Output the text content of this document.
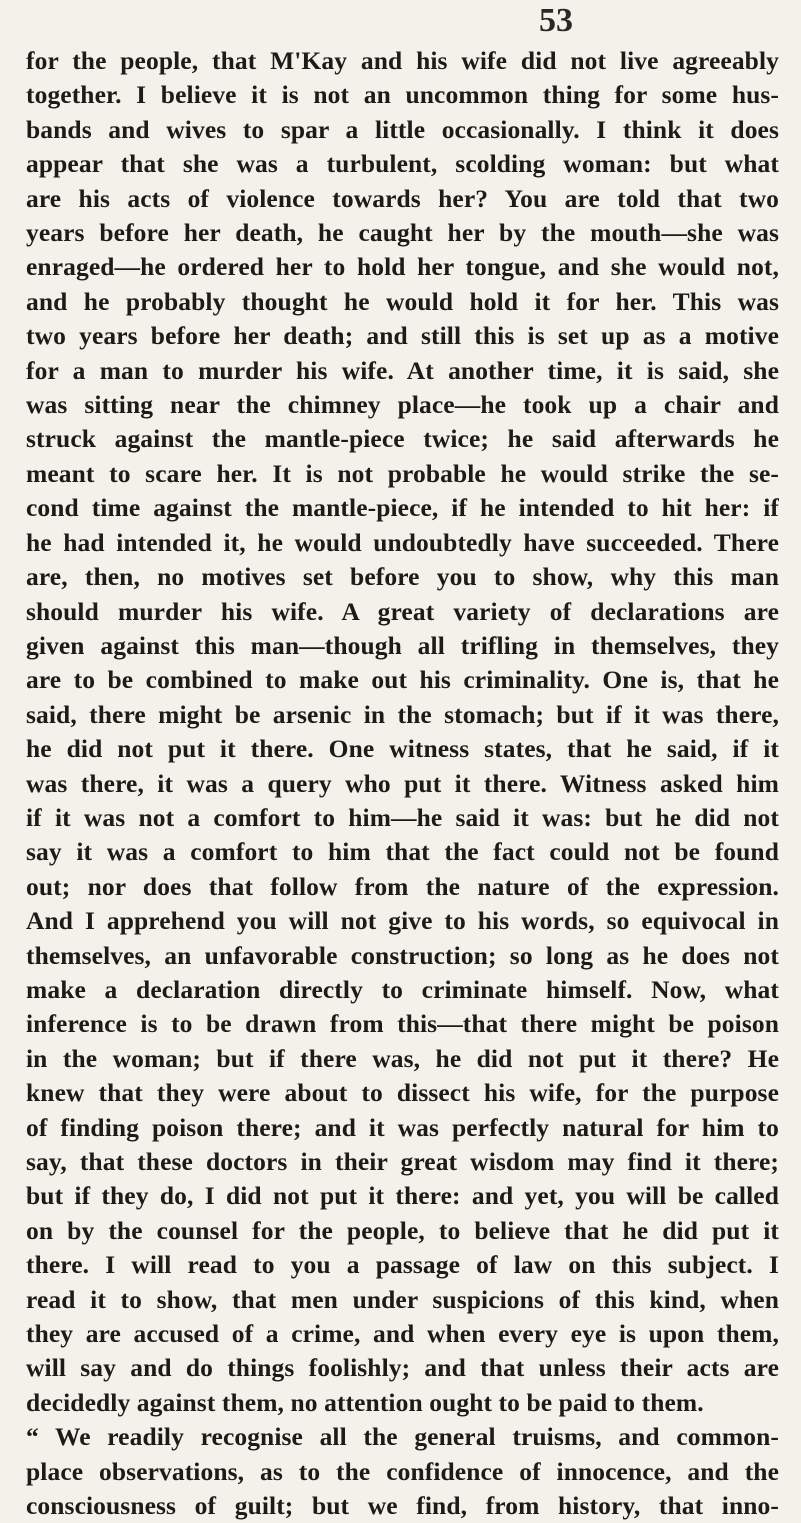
53
for the people, that M'Kay and his wife did not live agreeably
together. I believe it is not an uncommon thing for some hus-
bands and wives to spar a little occasionally. I think it does
appear that she was a turbulent, scolding woman: but what
are his acts of violence towards her? You are told that two
years before her death, he caught her by the mouth—she was
enraged—he ordered her to hold her tongue, and she would not,
and he probably thought he would hold it for her. This was
two years before her death; and still this is set up as a motive
for a man to murder his wife. At another time, it is said, she
was sitting near the chimney place—he took up a chair and
struck against the mantle-piece twice; he said afterwards he
meant to scare her. It is not probable he would strike the se-
cond time against the mantle-piece, if he intended to hit her: if
he had intended it, he would undoubtedly have succeeded. There
are, then, no motives set before you to show, why this man
should murder his wife. A great variety of declarations are
given against this man—though all trifling in themselves, they
are to be combined to make out his criminality. One is, that he
said, there might be arsenic in the stomach; but if it was there,
he did not put it there. One witness states, that he said, if it
was there, it was a query who put it there. Witness asked him
if it was not a comfort to him—he said it was: but he did not
say it was a comfort to him that the fact could not be found
out; nor does that follow from the nature of the expression.
And I apprehend you will not give to his words, so equivocal in
themselves, an unfavorable construction; so long as he does not
make a declaration directly to criminate himself. Now, what
inference is to be drawn from this—that there might be poison
in the woman; but if there was, he did not put it there? He
knew that they were about to dissect his wife, for the purpose
of finding poison there; and it was perfectly natural for him to
say, that these doctors in their great wisdom may find it there;
but if they do, I did not put it there: and yet, you will be called
on by the counsel for the people, to believe that he did put it
there. I will read to you a passage of law on this subject. I
read it to show, that men under suspicions of this kind, when
they are accused of a crime, and when every eye is upon them,
will say and do things foolishly; and that unless their acts are
decidedly against them, no attention ought to be paid to them.
“ We readily recognise all the general truisms, and common-
place observations, as to the confidence of innocence, and the
consciousness of guilt; but we find, from history, that inno-
